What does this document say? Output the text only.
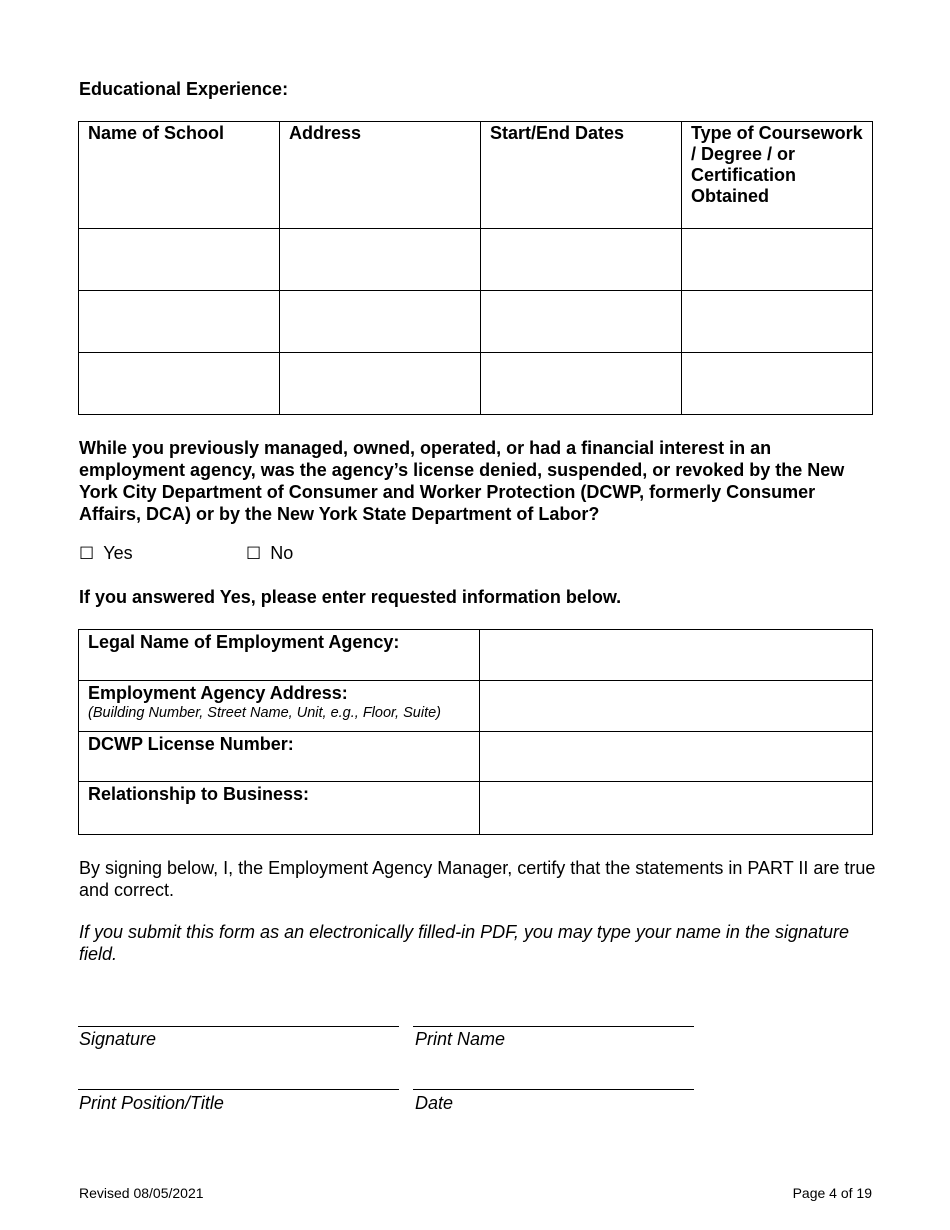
Educational Experience:
Name of School	Address	Start/End Dates	Type of Coursework / Degree / or Certification Obtained

While you previously managed, owned, operated, or had a financial interest in an employment agency, was the agency’s license denied, suspended, or revoked by the New York City Department of Consumer and Worker Protection (DCWP, formerly Consumer Affairs, DCA) or by the New York State Department of Labor?
☐ Yes	☐ No
If you answered Yes, please enter requested information below.
Legal Name of Employment Agency:	

Employment Agency Address:
(Building Number, Street Name, Unit, e.g., Floor, Suite)	

DCWP License Number:	

Relationship to Business:	

By signing below, I, the Employment Agency Manager, certify that the statements in PART II are true and correct.
If you submit this form as an electronically filled-in PDF, you may type your name in the signature field.
Signature	Print Name
Print Position/Title	Date
Revised 08/05/2021	Page 4 of 19
